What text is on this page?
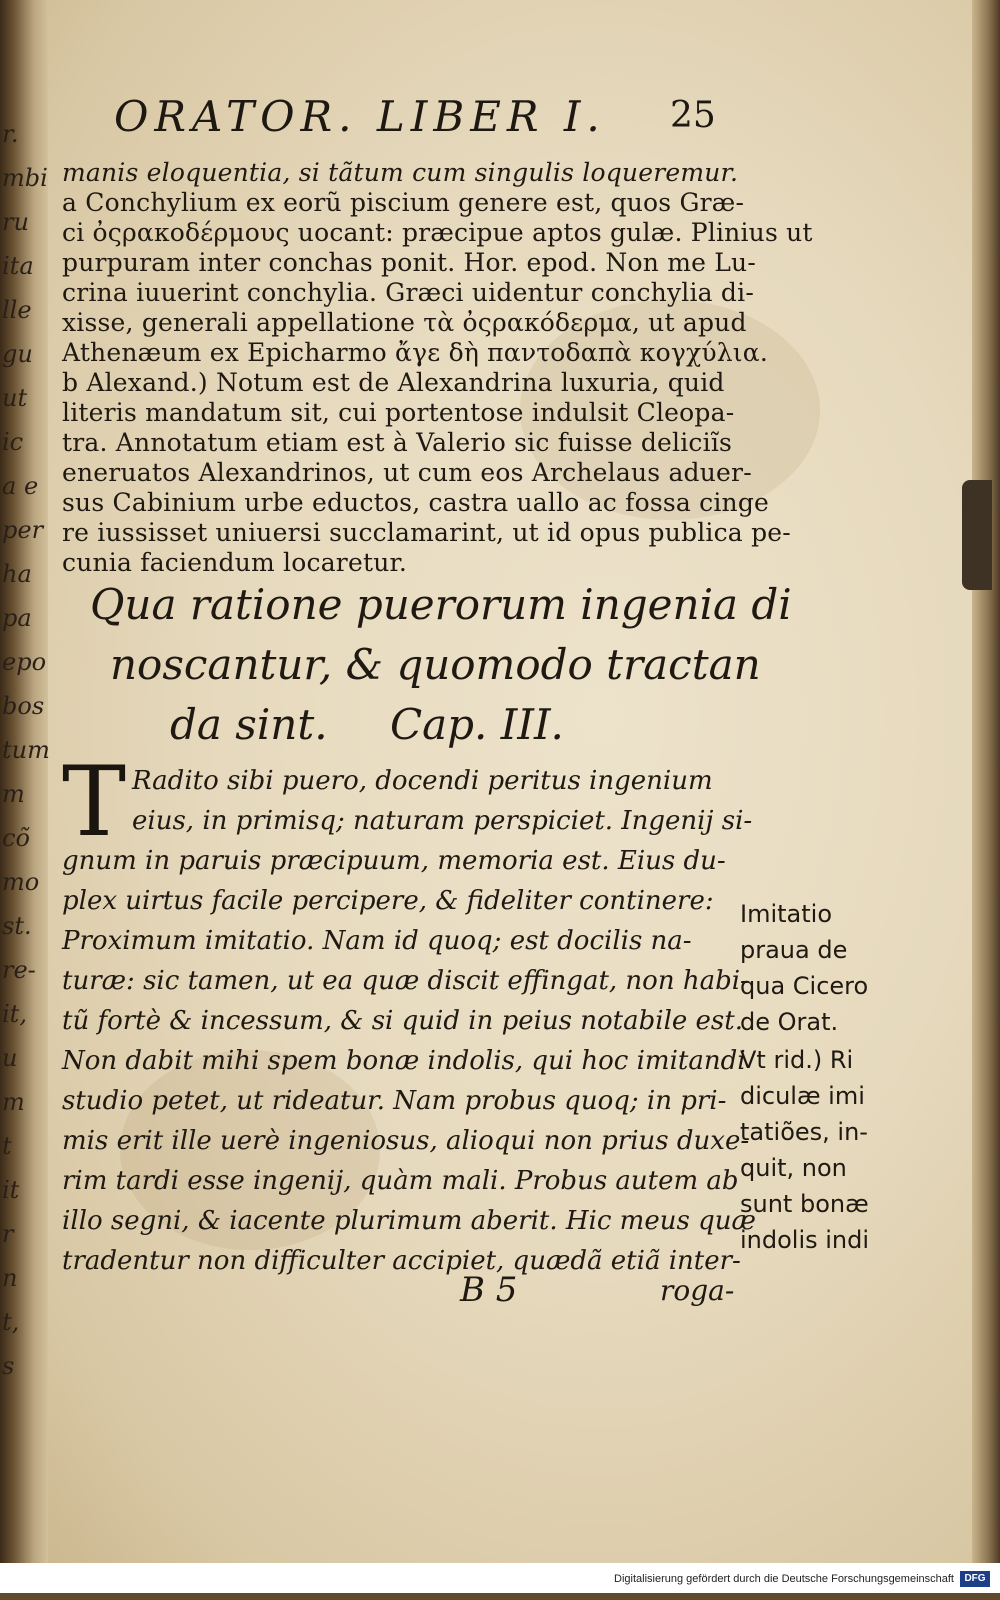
r.
mbi
ru
ita
lle
gu
ut
ic
a e
per
ha
pa
epo
bos
tum
m
cõ
mo
st.
re-
it,
u
m
t
it
r
n
t,
s
ORATOR. LIBER I.	25
manis eloquentia, si tãtum cum singulis loqueremur.
a Conchylium ex eorũ piscium genere est, quos Græ-
ci ὀςρακοδέρμους uocant: præcipue aptos gulæ. Plinius ut
purpuram inter conchas ponit. Hor. epod. Non me Lu-
crina iuuerint conchylia. Græci uidentur conchylia di-
xisse, generali appellatione τὰ ὀςρακόδερμα, ut apud
Athenæum ex Epicharmo ἄγε δὴ παντοδαπὰ κογχύλια.
b Alexand.) Notum est de Alexandrina luxuria, quid
literis mandatum sit, cui portentose indulsit Cleopa-
tra. Annotatum etiam est à Valerio sic fuisse deliciĩs
eneruatos Alexandrinos, ut cum eos Archelaus aduer-
sus Cabinium urbe eductos, castra uallo ac fossa cinge
re iussisset uniuersi succlamarint, ut id opus publica pe-
cunia faciendum locaretur.
Qua ratione puerorum ingenia di
noscantur, & quomodo tractan
da sint. Cap. III.
T Radito sibi puero, docendi peritus ingenium
eius, in primisq; naturam perspiciet. Ingenij si-
gnum in paruis præcipuum, memoria est. Eius du-
plex uirtus facile percipere, & fideliter continere:
Proximum imitatio. Nam id quoq; est docilis na-
turæ: sic tamen, ut ea quæ discit effingat, non habi-
tũ fortè & incessum, & si quid in peius notabile est.
Non dabit mihi spem bonæ indolis, qui hoc imitandi
studio petet, ut rideatur. Nam probus quoq; in pri-
mis erit ille uerè ingeniosus, alioqui non prius duxe-
rim tardi esse ingenij, quàm mali. Probus autem ab
illo segni, & iacente plurimum aberit. Hic meus quæ
tradentur non difficulter accipiet, quædã etiã inter-
Imitatio
praua de
qua Cicero
de Orat.
Vt rid.) Ri
diculæ imi
tatiões, in-
quit, non
sunt bonæ
indolis indi
B 5	roga-
Digitalisierung gefördert durch die Deutsche Forschungsgemeinschaft	DFG
